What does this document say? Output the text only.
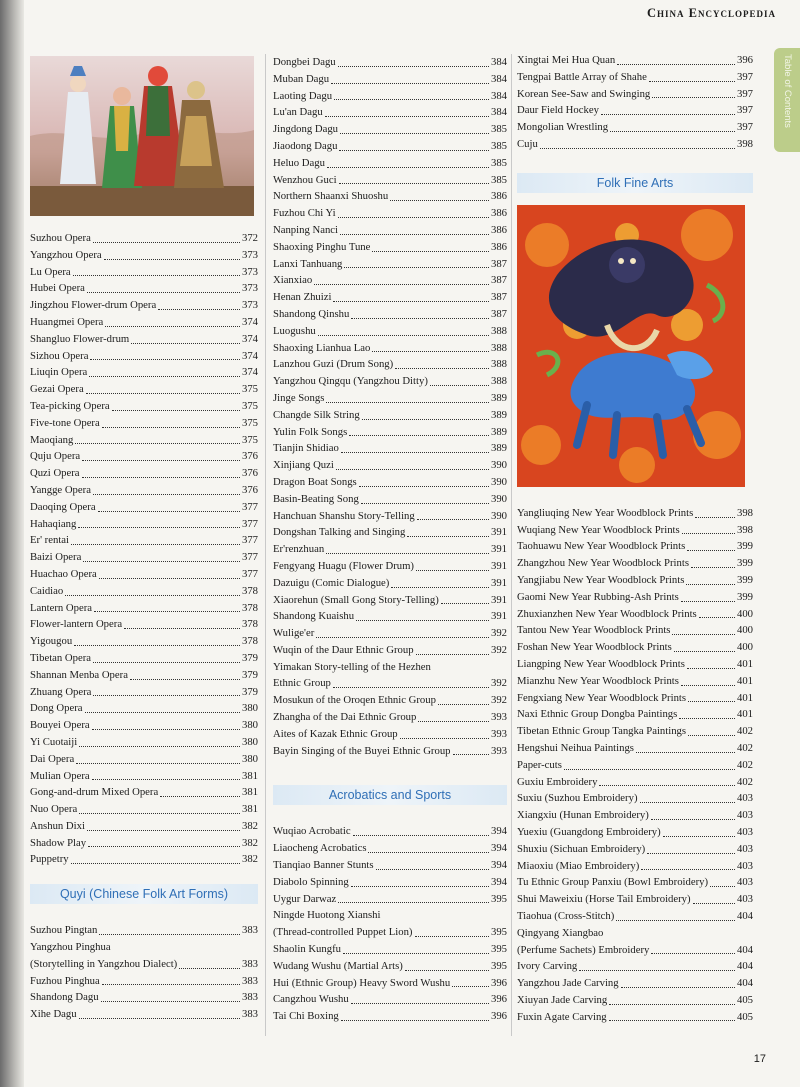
China Encyclopedia
Table of Contents
Suzhou Opera	372
Yangzhou Opera	373
Lu Opera	373
Hubei Opera	373
Jingzhou Flower-drum Opera	373
Huangmei Opera	374
Shangluo Flower-drum	374
Sizhou Opera	374
Liuqin Opera	374
Gezai Opera	375
Tea-picking Opera	375
Five-tone Opera	375
Maoqiang	375
Quju Opera	376
Quzi Opera	376
Yangge Opera	376
Daoqing Opera	377
Hahaqiang	377
Er' rentai	377
Baizi Opera	377
Huachao Opera	377
Caidiao	378
Lantern Opera	378
Flower-lantern Opera	378
Yigougou	378
Tibetan Opera	379
Shannan Menba Opera	379
Zhuang Opera	379
Dong Opera	380
Bouyei Opera	380
Yi Cuotaiji	380
Dai Opera	380
Mulian Opera	381
Gong-and-drum Mixed Opera	381
Nuo Opera	381
Anshun Dixi	382
Shadow Play	382
Puppetry	382
Quyi (Chinese Folk Art Forms)
Suzhou Pingtan	383
Yangzhou Pinghua
(Storytelling in Yangzhou Dialect)	383
Fuzhou Pinghua	383
Shandong Dagu	383
Xihe Dagu	383
Dongbei Dagu	384
Muban Dagu	384
Laoting Dagu	384
Lu'an Dagu	384
Jingdong Dagu	385
Jiaodong Dagu	385
Heluo Dagu	385
Wenzhou Guci	385
Northern Shaanxi Shuoshu	386
Fuzhou Chi Yi	386
Nanping Nanci	386
Shaoxing Pinghu Tune	386
Lanxi Tanhuang	387
Xianxiao	387
Henan Zhuizi	387
Shandong Qinshu	387
Luogushu	388
Shaoxing Lianhua Lao	388
Lanzhou Guzi (Drum Song)	388
Yangzhou Qingqu (Yangzhou Ditty)	388
Jinge Songs	389
Changde Silk String	389
Yulin Folk Songs	389
Tianjin Shidiao	389
Xinjiang Quzi	390
Dragon Boat Songs	390
Basin-Beating Song	390
Hanchuan Shanshu Story-Telling	390
Dongshan Talking and Singing	391
Er'renzhuan	391
Fengyang Huagu (Flower Drum)	391
Dazuigu (Comic Dialogue)	391
Xiaorehun (Small Gong Story-Telling)	391
Shandong Kuaishu	391
Wulige'er	392
Wuqin of the Daur Ethnic Group	392
Yimakan Story-telling of the Hezhen
Ethnic Group	392
Mosukun of the Oroqen Ethnic Group	392
Zhangha of the Dai Ethnic Group	393
Aites of Kazak Ethnic Group	393
Bayin Singing of the Buyei Ethnic Group	393
Acrobatics and Sports
Wuqiao Acrobatic	394
Liaocheng Acrobatics	394
Tianqiao Banner Stunts	394
Diabolo Spinning	394
Uygur Darwaz	395
Ningde Huotong Xianshi
(Thread-controlled Puppet Lion)	395
Shaolin Kungfu	395
Wudang Wushu (Martial Arts)	395
Hui (Ethnic Group) Heavy Sword Wushu	396
Cangzhou Wushu	396
Tai Chi Boxing	396
Xingtai Mei Hua Quan	396
Tengpai Battle Array of Shahe	397
Korean See-Saw and Swinging	397
Daur Field Hockey	397
Mongolian Wrestling	397
Cuju	398
Folk Fine Arts
Yangliuqing New Year Woodblock Prints	398
Wuqiang New Year Woodblock Prints	398
Taohuawu New Year Woodblock Prints	399
Zhangzhou New Year Woodblock Prints	399
Yangjiabu New Year Woodblock Prints	399
Gaomi New Year Rubbing-Ash Prints	399
Zhuxianzhen New Year Woodblock Prints	400
Tantou New Year Woodblock Prints	400
Foshan New Year Woodblock Prints	400
Liangping New Year Woodblock Prints	401
Mianzhu New Year Woodblock Prints	401
Fengxiang New Year Woodblock Prints	401
Naxi Ethnic Group Dongba Paintings	401
Tibetan Ethnic Group Tangka Paintings	402
Hengshui Neihua Paintings	402
Paper-cuts	402
Guxiu Embroidery	402
Suxiu (Suzhou Embroidery)	403
Xiangxiu (Hunan Embroidery)	403
Yuexiu (Guangdong Embroidery)	403
Shuxiu (Sichuan Embroidery)	403
Miaoxiu (Miao Embroidery)	403
Tu Ethnic Group Panxiu (Bowl Embroidery)	403
Shui Maweixiu (Horse Tail Embroidery)	403
Tiaohua (Cross-Stitch)	404
Qingyang Xiangbao
(Perfume Sachets) Embroidery	404
Ivory Carving	404
Yangzhou Jade Carving	404
Xiuyan Jade Carving	405
Fuxin Agate Carving	405
17
